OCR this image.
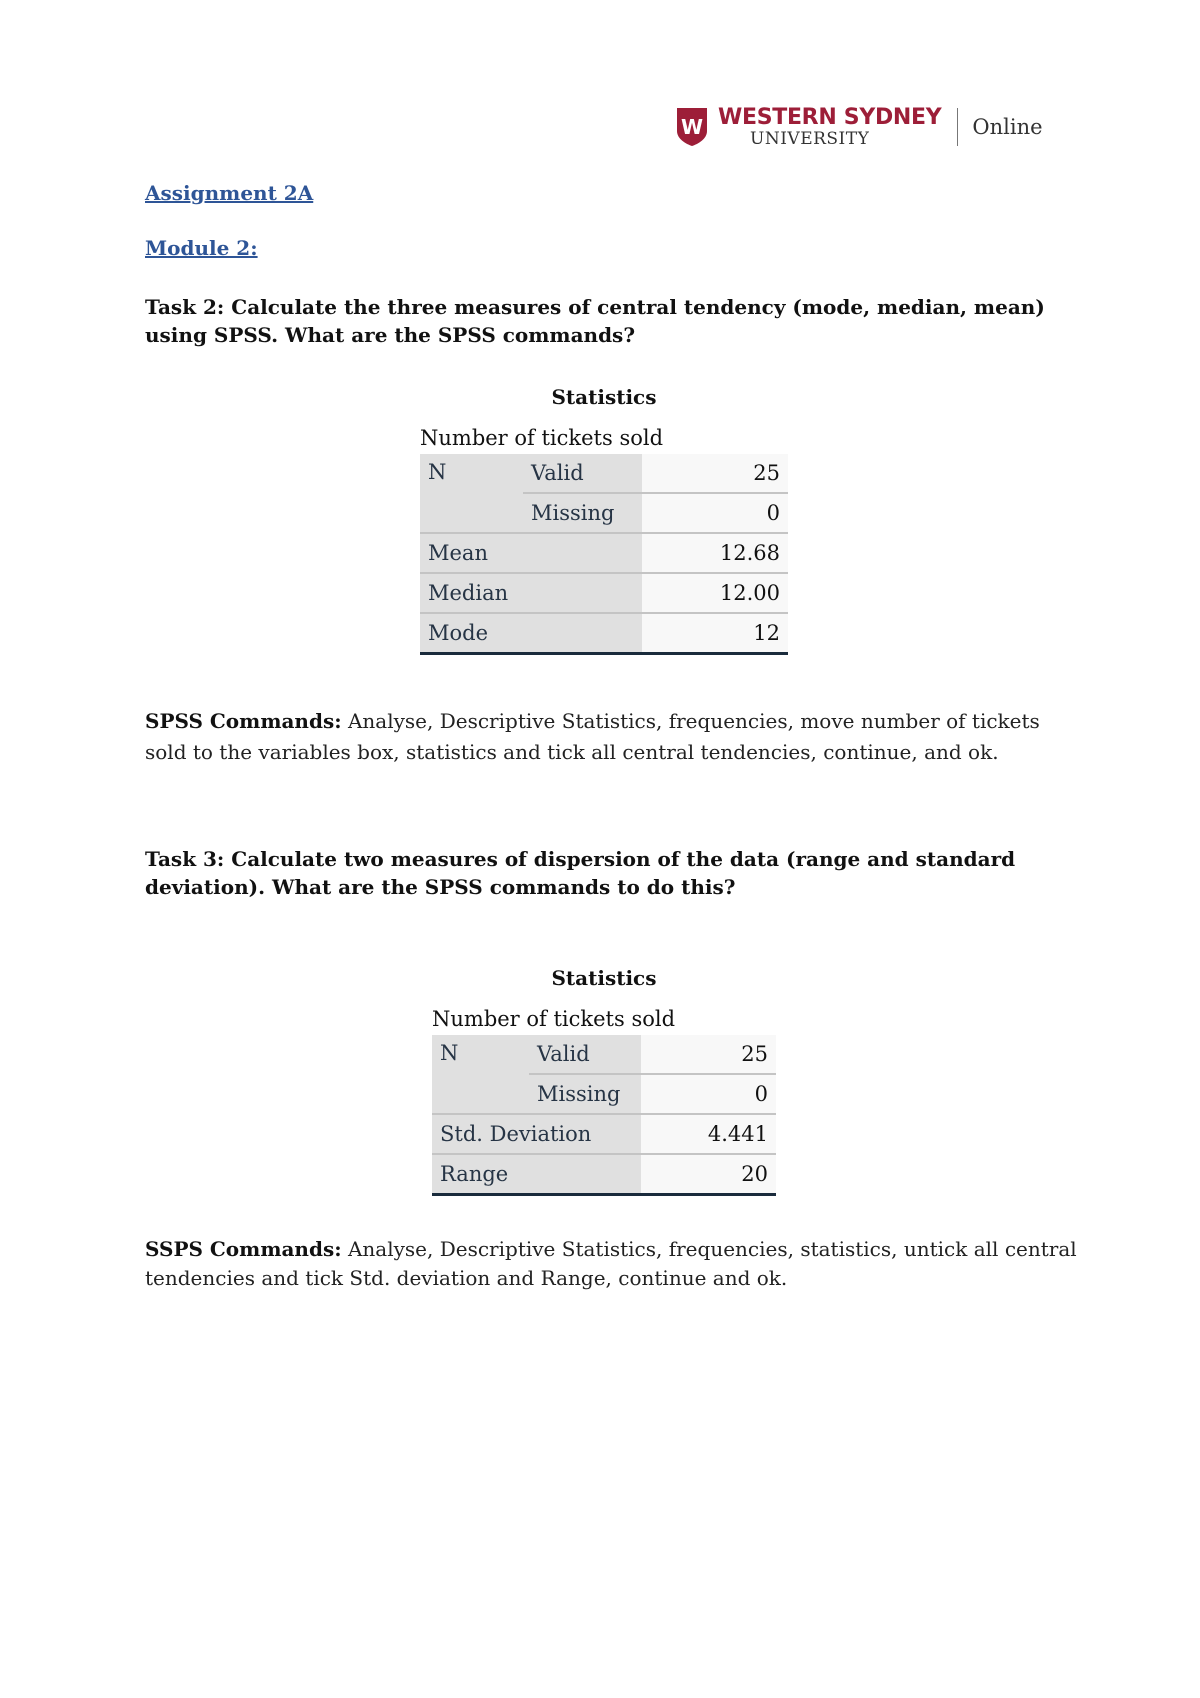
W WESTERN SYDNEY
UNIVERSITY	Online
Assignment 2A
Module 2:
Task 2: Calculate the three measures of central tendency (mode, median, mean) using SPSS. What are the SPSS commands?
Statistics
Number of tickets sold
N	Valid	25
	Missing	0
Mean		12.68
Median		12.00
Mode		12
SPSS Commands: Analyse, Descriptive Statistics, frequencies, move number of tickets sold to the variables box, statistics and tick all central tendencies, continue, and ok.
Task 3: Calculate two measures of dispersion of the data (range and standard deviation). What are the SPSS commands to do this?
Statistics
Number of tickets sold
N	Valid	25
	Missing	0
Std. Deviation		4.441
Range		20
SSPS Commands: Analyse, Descriptive Statistics, frequencies, statistics, untick all central tendencies and tick Std. deviation and Range, continue and ok.
